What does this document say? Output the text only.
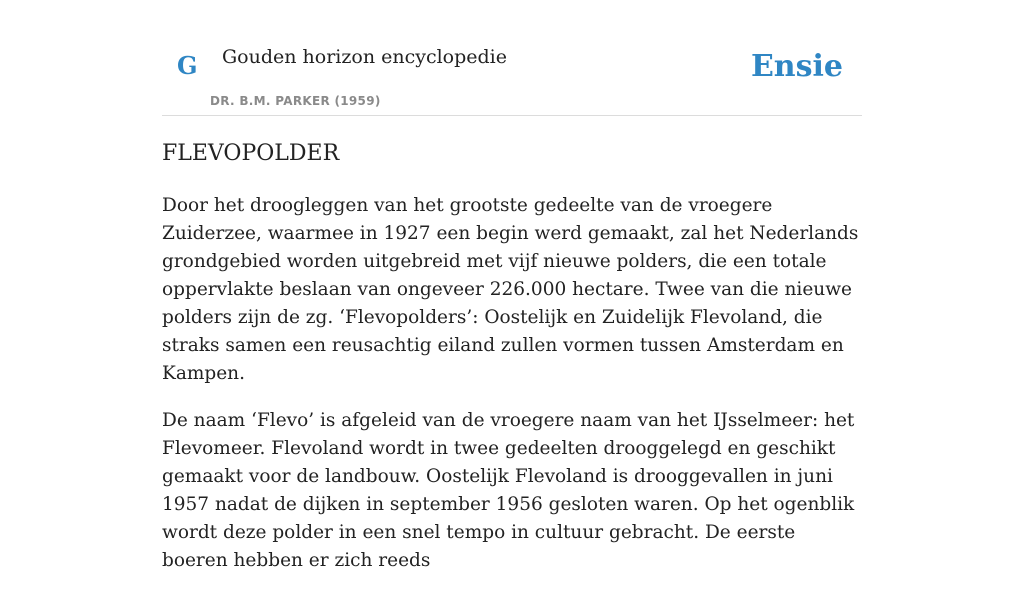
G Gouden horizon encyclopedie
DR. B.M. PARKER (1959)
Ensie
FLEVOPOLDER

Door het droogleggen van het grootste gedeelte van de vroegere Zuiderzee, waarmee in 1927 een begin werd gemaakt, zal het Nederlands grondgebied worden uitgebreid met vijf nieuwe polders, die een totale oppervlakte beslaan van ongeveer 226.000 hectare. Twee van die nieuwe polders zijn de zg. ‘Flevopolders’: Oostelijk en Zuidelijk Flevoland, die straks samen een reusachtig eiland zullen vormen tussen Amsterdam en Kampen.

De naam ‘Flevo’ is afgeleid van de vroegere naam van het IJsselmeer: het Flevomeer. Flevoland wordt in twee gedeelten drooggelegd en geschikt gemaakt voor de landbouw. Oostelijk Flevoland is drooggevallen in juni 1957 nadat de dijken in september 1956 gesloten waren. Op het ogenblik wordt deze polder in een snel tempo in cultuur gebracht. De eerste boeren hebben er zich reeds
